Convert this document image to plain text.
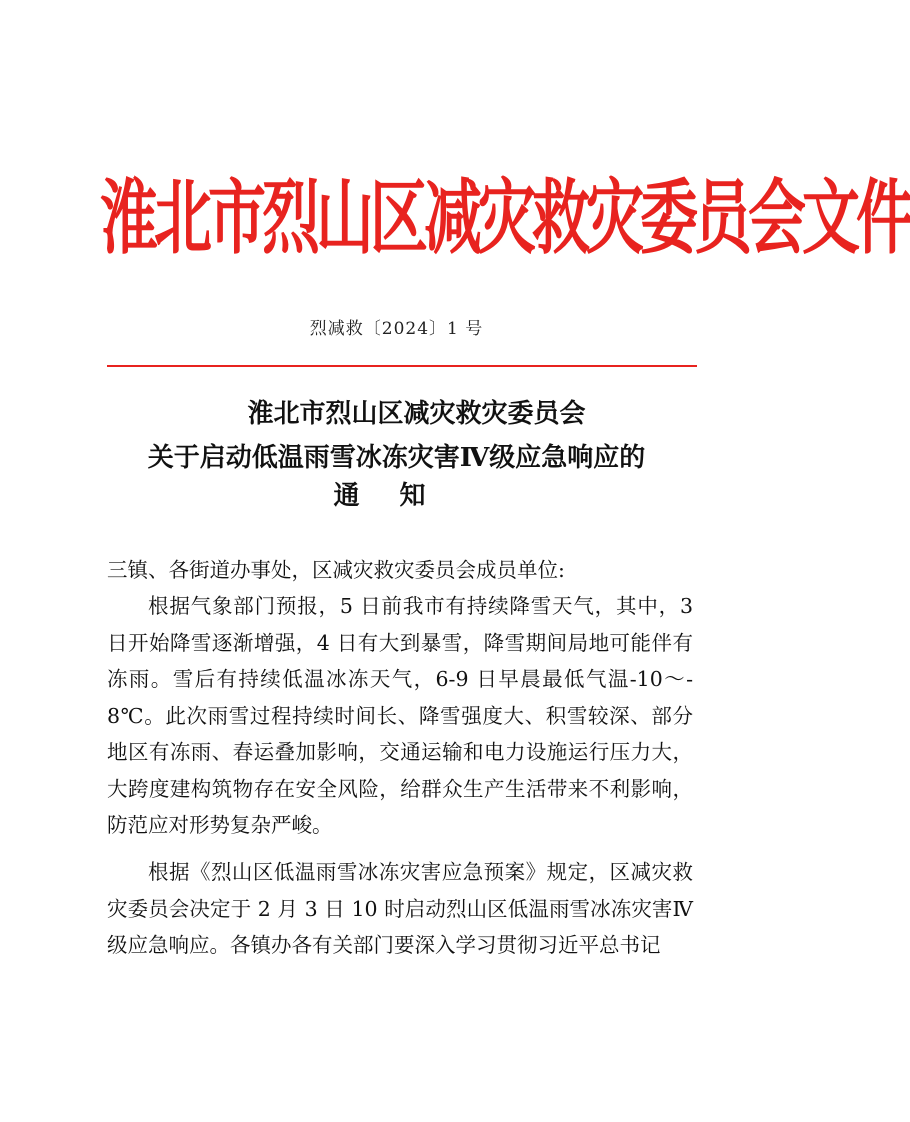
淮北市烈山区减灾救灾委员会文件
烈减救〔2024〕1 号
淮北市烈山区减灾救灾委员会
关于启动低温雨雪冰冻灾害Ⅳ级应急响应的
通知
三镇、各街道办事处，区减灾救灾委员会成员单位:
根据气象部门预报，5 日前我市有持续降雪天气，其中，3 日开始降雪逐渐增强，4 日有大到暴雪，降雪期间局地可能伴有冻雨。雪后有持续低温冰冻天气，6-9 日早晨最低气温-10～-8℃。此次雨雪过程持续时间长、降雪强度大、积雪较深、部分地区有冻雨、春运叠加影响，交通运输和电力设施运行压力大，大跨度建构筑物存在安全风险，给群众生产生活带来不利影响，防范应对形势复杂严峻。
根据《烈山区低温雨雪冰冻灾害应急预案》规定，区减灾救灾委员会决定于 2 月 3 日 10 时启动烈山区低温雨雪冰冻灾害Ⅳ级应急响应。各镇办各有关部门要深入学习贯彻习近平总书记
